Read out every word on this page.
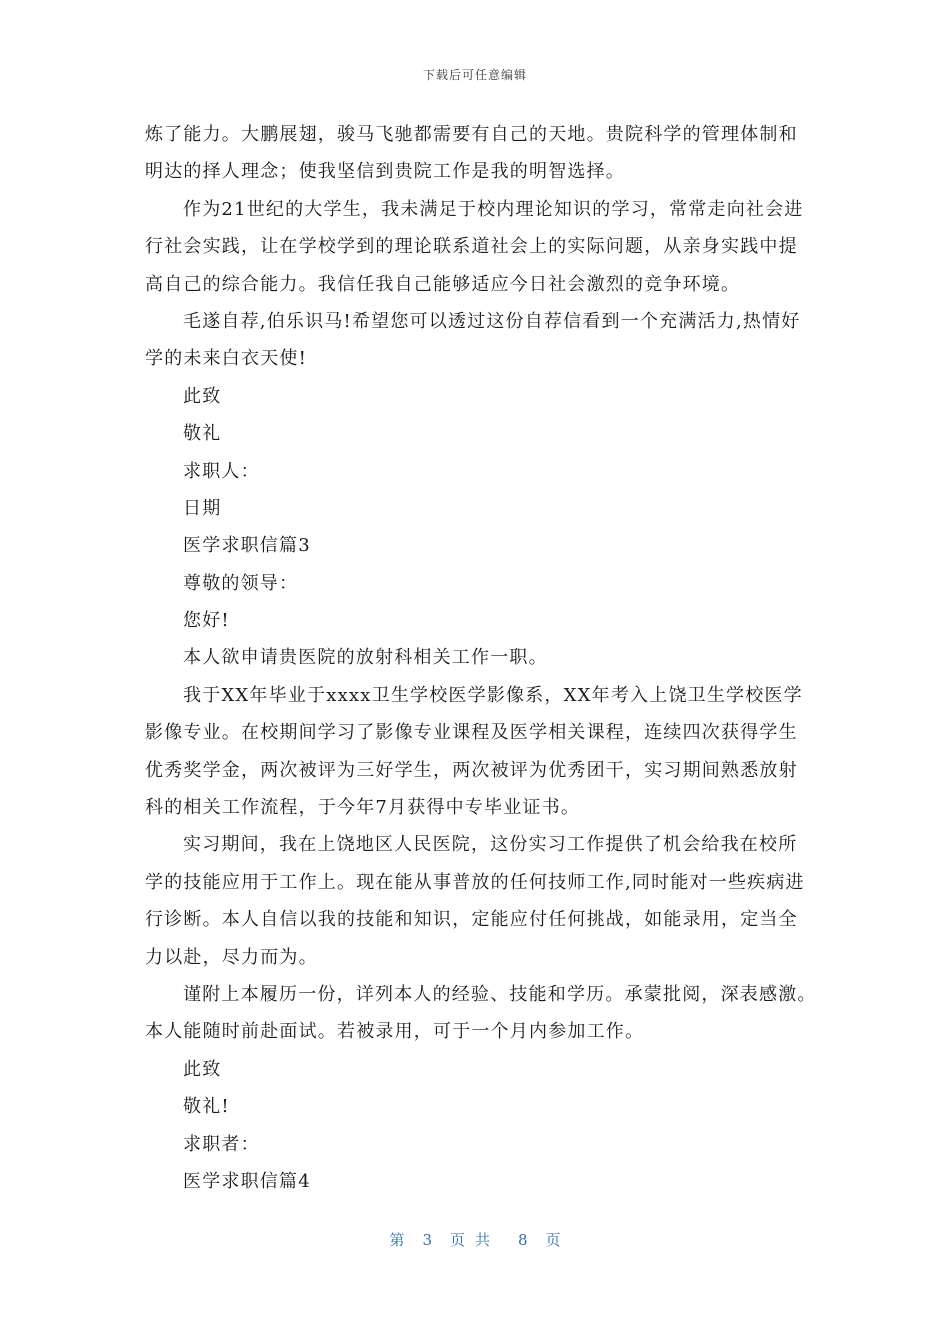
下载后可任意编辑
炼了能力。大鹏展翅，骏马飞驰都需要有自己的天地。贵院科学的管理体制和
明达的择人理念；使我坚信到贵院工作是我的明智选择。
作为21世纪的大学生，我未满足于校内理论知识的学习，常常走向社会进
行社会实践，让在学校学到的理论联系道社会上的实际问题，从亲身实践中提
高自己的综合能力。我信任我自己能够适应今日社会激烈的竞争环境。
毛遂自荐,伯乐识马!希望您可以透过这份自荐信看到一个充满活力,热情好
学的未来白衣天使!
此致
敬礼
求职人：
日期
医学求职信篇3
尊敬的领导：
您好!
本人欲申请贵医院的放射科相关工作一职。
我于XX年毕业于xxxx卫生学校医学影像系，XX年考入上饶卫生学校医学
影像专业。在校期间学习了影像专业课程及医学相关课程，连续四次获得学生
优秀奖学金，两次被评为三好学生，两次被评为优秀团干，实习期间熟悉放射
科的相关工作流程，于今年7月获得中专毕业证书。
实习期间，我在上饶地区人民医院，这份实习工作提供了机会给我在校所
学的技能应用于工作上。现在能从事普放的任何技师工作,同时能对一些疾病进
行诊断。本人自信以我的技能和知识，定能应付任何挑战，如能录用，定当全
力以赴，尽力而为。
谨附上本履历一份，详列本人的经验、技能和学历。承蒙批阅，深表感激。
本人能随时前赴面试。若被录用，可于一个月内参加工作。
此致
敬礼!
求职者：
医学求职信篇4
第 3 页共 8 页
